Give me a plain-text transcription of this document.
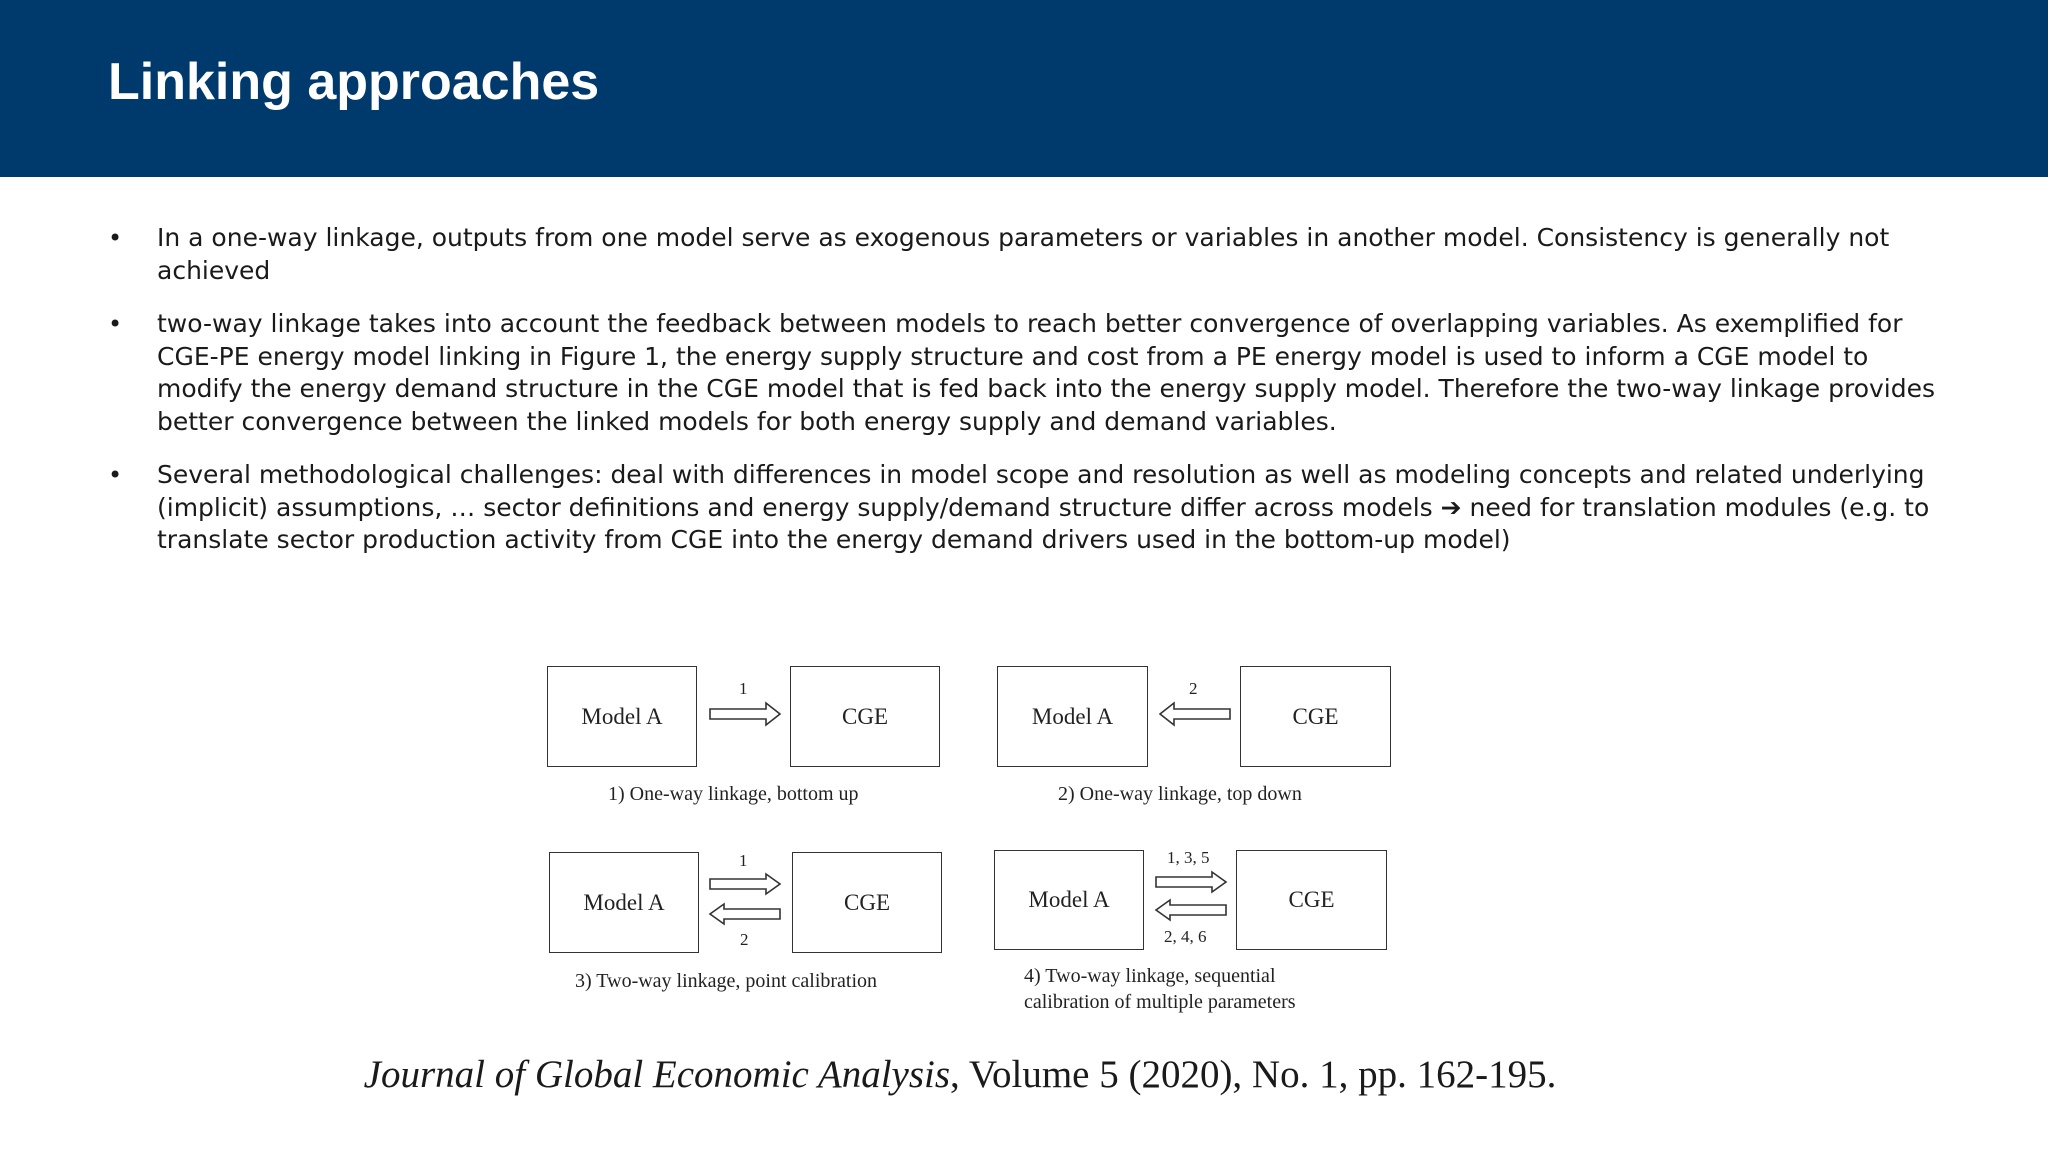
Linking approaches
• In a one-way linkage, outputs from one model serve as exogenous parameters or variables in another model. Consistency is generally not achieved
• two-way linkage takes into account the feedback between models to reach better convergence of overlapping variables. As exemplified for CGE-PE energy model linking in Figure 1, the energy supply structure and cost from a PE energy model is used to inform a CGE model to modify the energy demand structure in the CGE model that is fed back into the energy supply model. Therefore the two-way linkage provides better convergence between the linked models for both energy supply and demand variables.
• Several methodological challenges: deal with differences in model scope and resolution as well as modeling concepts and related underlying (implicit) assumptions, … sector definitions and energy supply/demand structure differ across models ➔ need for translation modules (e.g. to translate sector production activity from CGE into the energy demand drivers used in the bottom-up model)
Model A	CGE
1
1) One-way linkage, bottom up
Model A	CGE
2
2) One-way linkage, top down
Model A	CGE
1
2
3) Two-way linkage, point calibration
Model A	CGE
1, 3, 5
2, 4, 6
4) Two-way linkage, sequential
calibration of multiple parameters
Journal of Global Economic Analysis, Volume 5 (2020), No. 1, pp. 162-195.
